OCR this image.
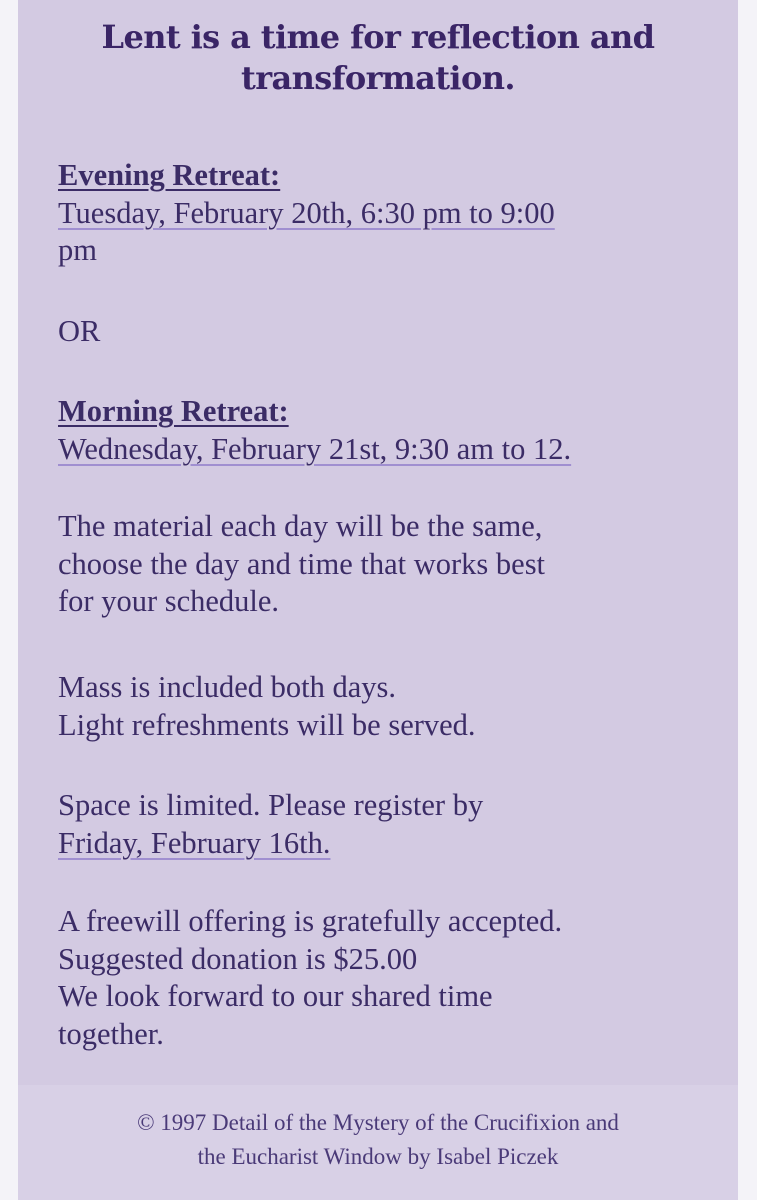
Lent is a time for reflection and
transformation.
Evening Retreat:
Tuesday, February 20th, 6:30 pm to 9:00
pm
OR
Morning Retreat:
Wednesday, February 21st, 9:30 am to 12.
The material each day will be the same,
choose the day and time that works best
for your schedule.
Mass is included both days.
Light refreshments will be served.
Space is limited. Please register by
Friday, February 16th.
A freewill offering is gratefully accepted.
Suggested donation is $25.00
We look forward to our shared time
together.

© 1997 Detail of the Mystery of the Crucifixion and
the Eucharist Window by Isabel Piczek
